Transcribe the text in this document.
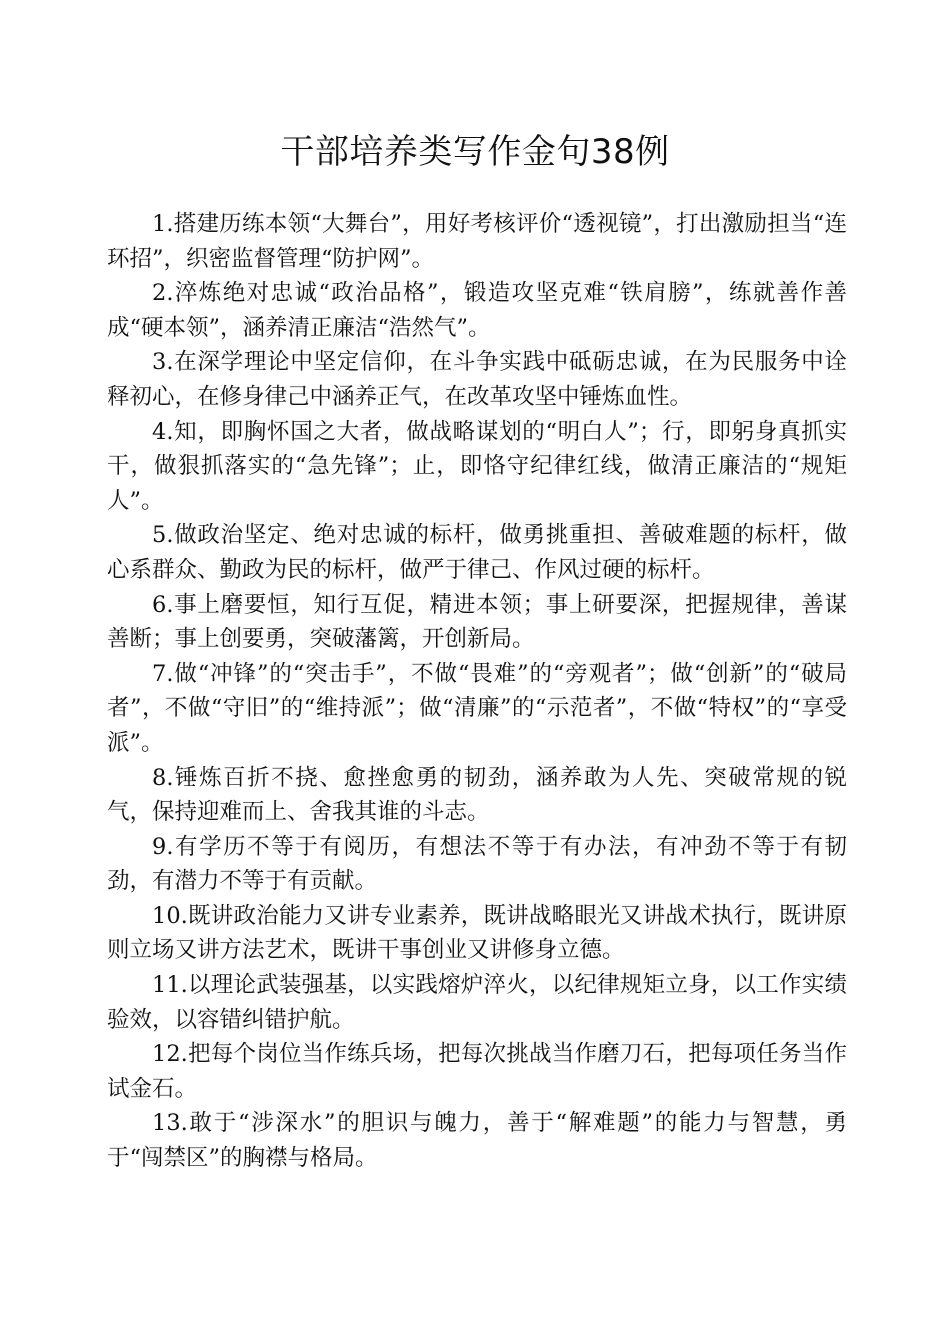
干部培养类写作金句38例

1.搭建历练本领“大舞台”，用好考核评价“透视镜”，打出激励担当“连环招”，织密监督管理“防护网”。

2.淬炼绝对忠诚“政治品格”，锻造攻坚克难“铁肩膀”，练就善作善成“硬本领”，涵养清正廉洁“浩然气”。

3.在深学理论中坚定信仰，在斗争实践中砥砺忠诚，在为民服务中诠释初心，在修身律己中涵养正气，在改革攻坚中锤炼血性。

4.知，即胸怀国之大者，做战略谋划的“明白人”；行，即躬身真抓实干，做狠抓落实的“急先锋”；止，即恪守纪律红线，做清正廉洁的“规矩人”。

5.做政治坚定、绝对忠诚的标杆，做勇挑重担、善破难题的标杆，做心系群众、勤政为民的标杆，做严于律己、作风过硬的标杆。

6.事上磨要恒，知行互促，精进本领；事上研要深，把握规律，善谋善断；事上创要勇，突破藩篱，开创新局。

7.做“冲锋”的“突击手”，不做“畏难”的“旁观者”；做“创新”的“破局者”，不做“守旧”的“维持派”；做“清廉”的“示范者”，不做“特权”的“享受派”。

8.锤炼百折不挠、愈挫愈勇的韧劲，涵养敢为人先、突破常规的锐气，保持迎难而上、舍我其谁的斗志。

9.有学历不等于有阅历，有想法不等于有办法，有冲劲不等于有韧劲，有潜力不等于有贡献。

10.既讲政治能力又讲专业素养，既讲战略眼光又讲战术执行，既讲原则立场又讲方法艺术，既讲干事创业又讲修身立德。

11.以理论武装强基，以实践熔炉淬火，以纪律规矩立身，以工作实绩验效，以容错纠错护航。

12.把每个岗位当作练兵场，把每次挑战当作磨刀石，把每项任务当作试金石。

13.敢于“涉深水”的胆识与魄力，善于“解难题”的能力与智慧，勇于“闯禁区”的胸襟与格局。
